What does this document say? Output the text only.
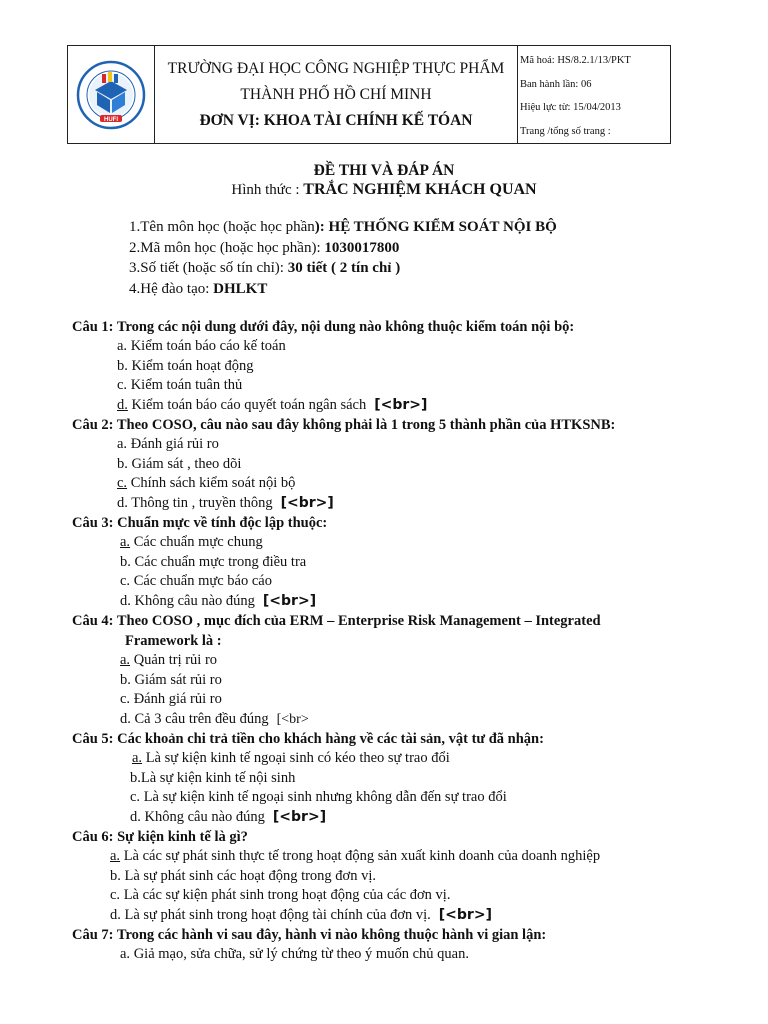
HUFI
TRƯỜNG ĐẠI HỌC CÔNG NGHIỆP THỰC PHẨM
THÀNH PHỐ HỒ CHÍ MINH
ĐƠN VỊ: KHOA TÀI CHÍNH KẾ TÓAN
Mã hoá: HS/8.2.1/13/PKT
Ban hành lần: 06
Hiệu lực từ: 15/04/2013
Trang /tổng số trang :
ĐỀ THI VÀ ĐÁP ÁN
Hình thức : TRẮC NGHIỆM KHÁCH QUAN
1.Tên môn học (hoặc học phần): HỆ THỐNG KIỂM SOÁT NỘI BỘ
2.Mã môn học (hoặc học phần): 1030017800
3.Số tiết (hoặc số tín chỉ): 30 tiết ( 2 tín chỉ )
4.Hệ đào tạo: DHLKT
Câu 1: Trong các nội dung dưới đây, nội dung nào không thuộc kiểm toán nội bộ:
a. Kiểm toán báo cáo kế toán
b. Kiểm toán hoạt động
c. Kiểm toán tuân thủ
d. Kiểm toán báo cáo quyết toán ngân sách [<br>]
Câu 2: Theo COSO, câu nào sau đây không phải là 1 trong 5 thành phần của HTKSNB:
a. Đánh giá rủi ro
b. Giám sát , theo dõi
c. Chính sách kiểm soát nội bộ
d. Thông tin , truyền thông [<br>]
Câu 3: Chuẩn mực về tính độc lập thuộc:
a. Các chuẩn mực chung
b. Các chuẩn mực trong điều tra
c. Các chuẩn mực báo cáo
d. Không câu nào đúng [<br>]
Câu 4: Theo COSO , mục đích của ERM – Enterprise Risk Management – Integrated
Framework là :
a. Quản trị rủi ro
b. Giám sát rủi ro
c. Đánh giá rủi ro
d. Cả 3 câu trên đều đúng [<br>
Câu 5: Các khoản chi trả tiền cho khách hàng về các tài sản, vật tư đã nhận:
a. Là sự kiện kinh tế ngoại sinh có kéo theo sự trao đổi
b.Là sự kiện kinh tế nội sinh
c. Là sự kiện kinh tế ngoại sinh nhưng không dẫn đến sự trao đổi
d. Không câu nào đúng [<br>]
Câu 6: Sự kiện kinh tế là gì?
a. Là các sự phát sinh thực tế trong hoạt động sản xuất kinh doanh của doanh nghiệp
b. Là sự phát sinh các hoạt động trong đơn vị.
c. Là các sự kiện phát sinh trong hoạt động của các đơn vị.
d. Là sự phát sinh trong hoạt động tài chính của đơn vị. [<br>]
Câu 7: Trong các hành vi sau đây, hành vi nào không thuộc hành vi gian lận:
a. Giả mạo, sửa chữa, sử lý chứng từ theo ý muốn chủ quan.
